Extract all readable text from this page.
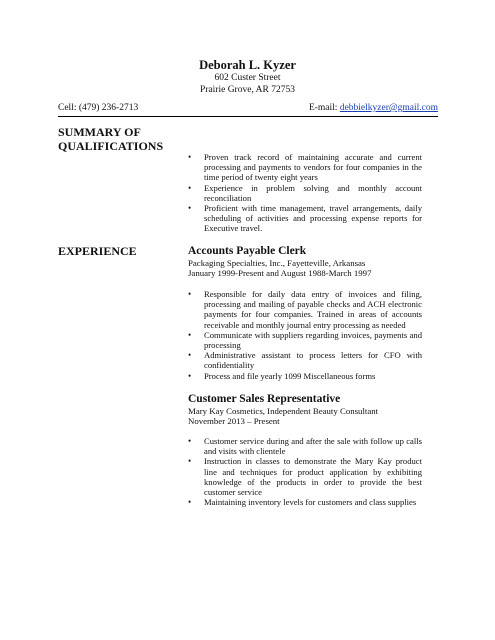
Deborah L. Kyzer
602 Custer Street
Prairie Grove, AR 72753
Cell: (479) 236-2713	E-mail: debbielkyzer@gmail.com
SUMMARY OF
QUALIFICATIONS
• Proven track record of maintaining accurate and current processing and payments to vendors for four companies in the time period of twenty eight years
• Experience in problem solving and monthly account reconciliation
• Proficient with time management, travel arrangements, daily scheduling of activities and processing expense reports for Executive travel.
EXPERIENCE	Accounts Payable Clerk
Packaging Specialties, Inc., Fayetteville, Arkansas
January 1999-Present and August 1988-March 1997
• Responsible for daily data entry of invoices and filing, processing and mailing of payable checks and ACH electronic payments for four companies. Trained in areas of accounts receivable and monthly journal entry processing as needed
• Communicate with suppliers regarding invoices, payments and processing
• Administrative assistant to process letters for CFO with confidentiality
• Process and file yearly 1099 Miscellaneous forms
Customer Sales Representative
Mary Kay Cosmetics, Independent Beauty Consultant
November 2013 – Present
• Customer service during and after the sale with follow up calls and visits with clientele
• Instruction in classes to demonstrate the Mary Kay product line and techniques for product application by exhibiting knowledge of the products in order to provide the best customer service
• Maintaining inventory levels for customers and class supplies
